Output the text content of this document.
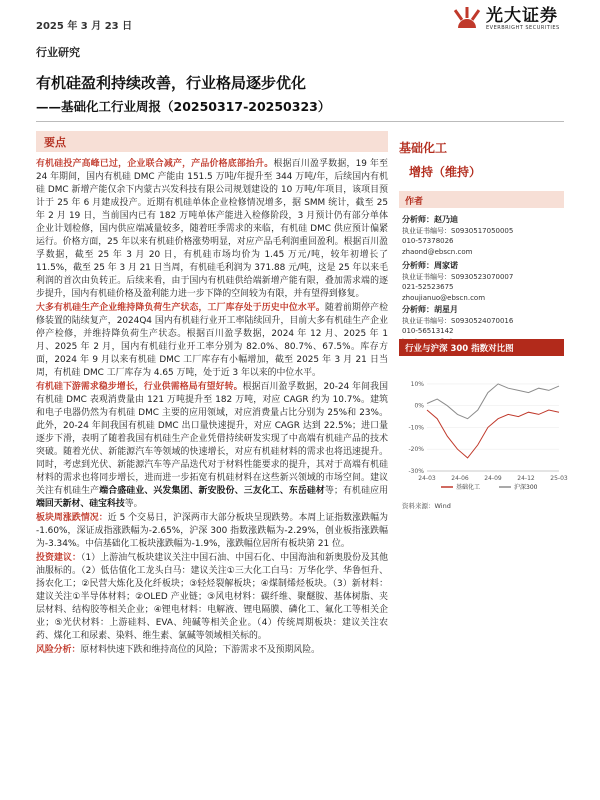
2025 年 3 月 23 日
光大证券
EVERBRIGHT SECURITIES
行业研究
有机硅盈利持续改善，行业格局逐步优化
——基础化工行业周报（20250317-20250323）
要点

有机硅投产高峰已过，企业联合减产，产品价格底部抬升。根据百川盈孚数据，19 年至 24 年期间，国内有机硅 DMC 产能由 151.5 万吨/年提升至 344 万吨/年，后续国内有机硅 DMC 新增产能仅余下内蒙古兴发科技有限公司规划建设的 10 万吨/年项目，该项目预计于 25 年 6 月建成投产。近期有机硅单体企业检修情况增多，据 SMM 统计，截至 25 年 2 月 19 日，当前国内已有 182 万吨单体产能进入检修阶段，3 月预计仍有部分单体企业计划检修，国内供应端减量较多，随着旺季需求的来临，有机硅 DMC 供应预计偏紧运行。价格方面，25 年以来有机硅价格涨势明显，对应产品毛利润重回盈利。根据百川盈孚数据，截至 25 年 3 月 20 日，有机硅市场均价为 1.45 万元/吨，较年初增长了 11.5%，截至 25 年 3 月 21 日当周，有机硅毛利润为 371.88 元/吨，这是 25 年以来毛利润的首次由负转正。后续来看，由于国内有机硅供给端新增产能有限，叠加需求端的逐步提升，国内有机硅价格及盈利能力进一步下降的空间较为有限，并有望得到修复。

大多有机硅生产企业维持降负荷生产状态，工厂库存处于历史中位水平。随着前期停产检修装置的陆续复产，2024Q4 国内有机硅行业开工率陆续回升，目前大多有机硅生产企业停产检修，并维持降负荷生产状态。根据百川盈孚数据，2024 年 12 月、2025 年 1 月、2025 年 2 月，国内有机硅行业开工率分别为 82.0%、80.7%、67.5%。库存方面，2024 年 9 月以来有机硅 DMC 工厂库存有小幅增加，截至 2025 年 3 月 21 日当周，有机硅 DMC 工厂库存为 4.65 万吨，处于近 3 年以来的中位水平。

有机硅下游需求稳步增长，行业供需格局有望好转。根据百川盈孚数据，20-24 年间我国有机硅 DMC 表观消费量由 121 万吨提升至 182 万吨，对应 CAGR 约为 10.7%。建筑和电子电器仍然为有机硅 DMC 主要的应用领域，对应消费量占比分别为 25%和 23%。此外，20-24 年间我国有机硅 DMC 出口量快速提升，对应 CAGR 达到 22.5%；进口量逐步下滑，表明了随着我国有机硅生产企业凭借持续研发实现了中高端有机硅产品的技术突破。随着光伏、新能源汽车等领域的快速增长，对应有机硅材料的需求也将迅速提升。同时，考虑到光伏、新能源汽车等产品迭代对于材料性能要求的提升，其对于高端有机硅材料的需求也将同步增长，进而进一步拓宽有机硅材料在这些新兴领域的市场空间。建议关注有机硅生产端合盛硅业、兴发集团、新安股份、三友化工、东岳硅材等；有机硅应用端回天新材、硅宝科技等。

板块周涨跌情况：近 5 个交易日，沪深两市大部分板块呈现跌势。本周上证指数涨跌幅为 -1.60%，深证成指涨跌幅为-2.65%，沪深 300 指数涨跌幅为-2.29%，创业板指涨跌幅为-3.34%。中信基础化工板块涨跌幅为-1.9%，涨跌幅位居所有板块第 21 位。

投资建议：（1）上游油气板块建议关注中国石油、中国石化、中国海油和新奥股份及其他油服标的。（2）低估值化工龙头白马：建议关注①三大化工白马：万华化学、华鲁恒升、扬农化工；②民营大炼化及化纤板块；③轻烃裂解板块；④煤制烯烃板块。（3）新材料：建议关注①半导体材料；②OLED 产业链；③风电材料：碳纤维、聚醚胺、基体树脂、夹层材料、结构胶等相关企业；④锂电材料：电解液、锂电隔膜、磷化工、氟化工等相关企业；⑤光伏材料：上游硅料、EVA、纯碱等相关企业。（4）传统周期板块：建议关注农药、煤化工和尿素、染料、维生素、氯碱等领域相关标的。

风险分析：原材料快速下跌和维持高位的风险；下游需求不及预期风险。

基础化工
增持（维持）
作者
分析师：赵乃迪
执业证书编号：S0930517050005
010-57378026
zhaond@ebscn.com
分析师：周家诺
执业证书编号：S0930523070007
021-52523675
zhoujianuo@ebscn.com
分析师：胡星月
执业证书编号：S0930524070016
010-56513142
行业与沪深 300 指数对比图
10%
0%
-10%
-20%
-30%
24-03	24-06	24-09	24-12	25-03
基础化工	沪深300
资料来源：Wind
